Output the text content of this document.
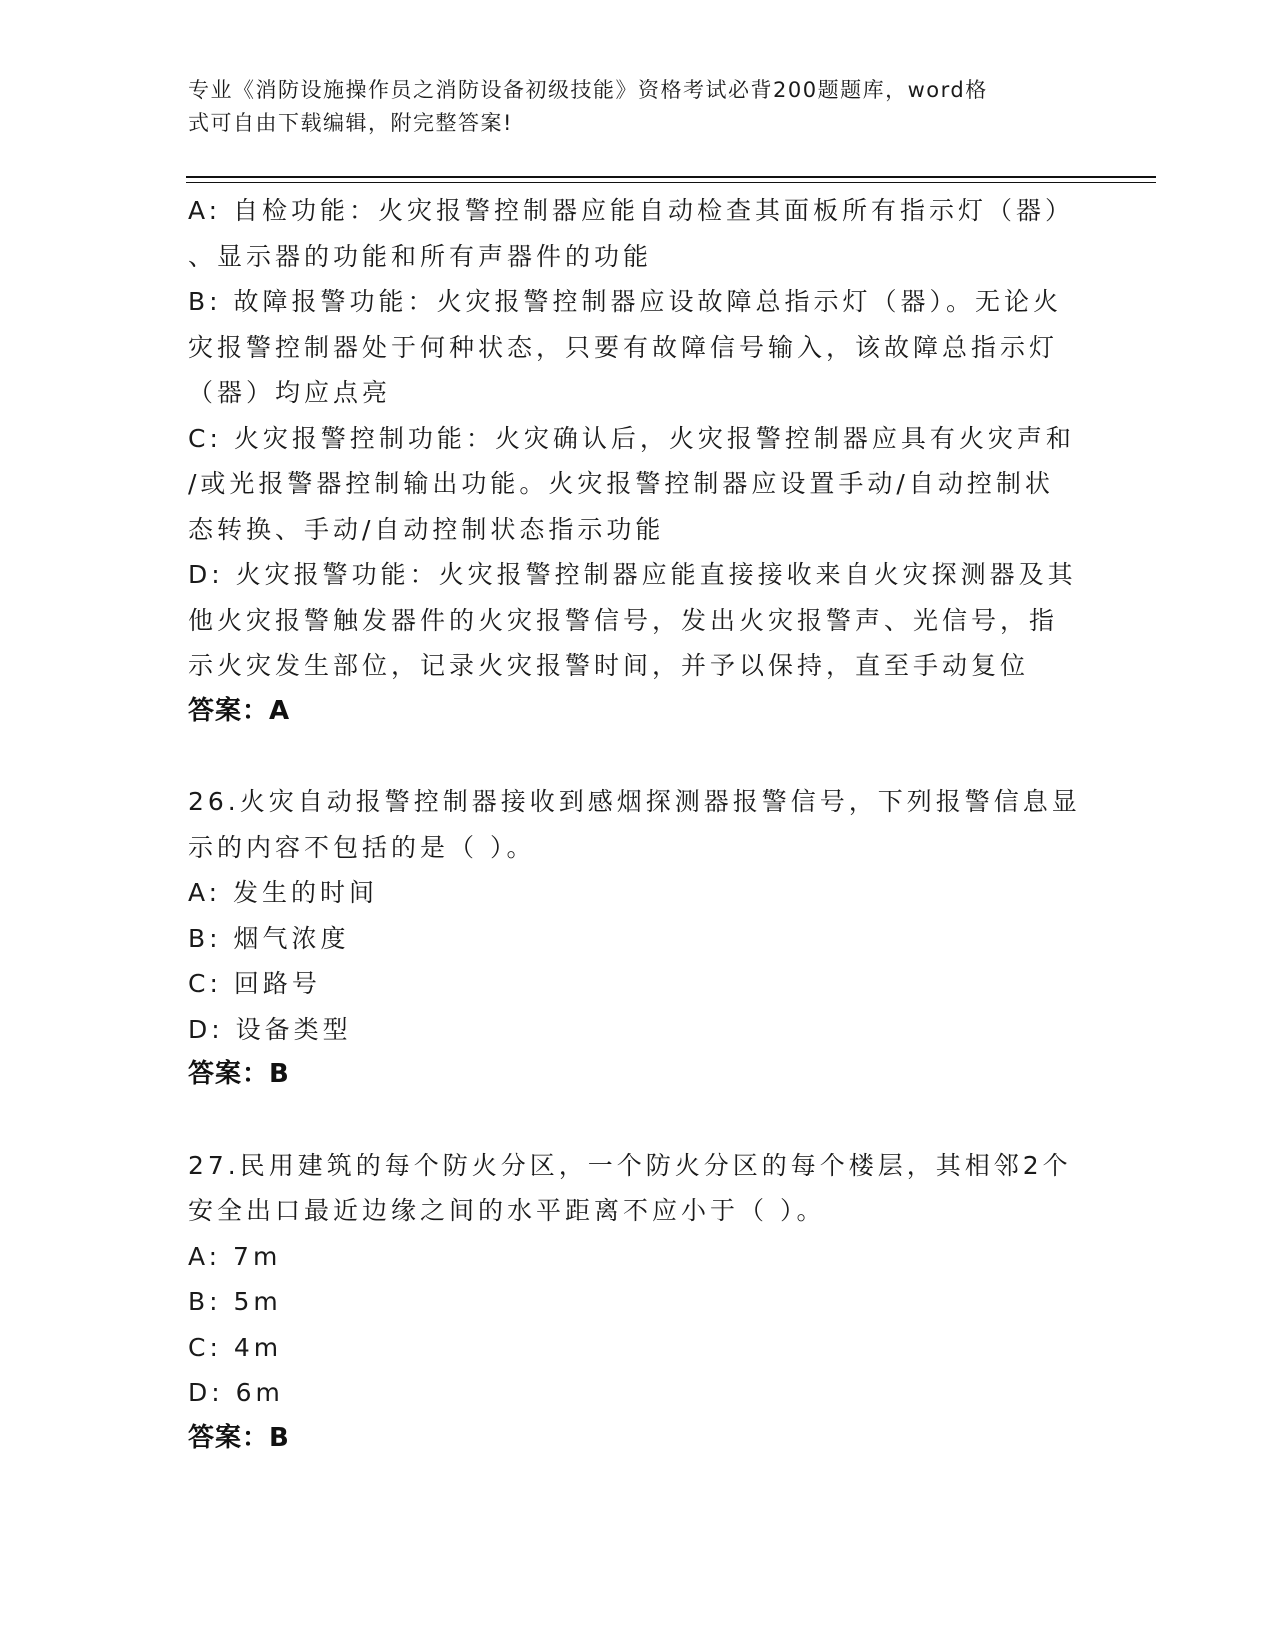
专业《消防设施操作员之消防设备初级技能》资格考试必背200题题库，word格
式可自由下载编辑，附完整答案!
A: 自检功能：火灾报警控制器应能自动检查其面板所有指示灯（器）
、显示器的功能和所有声器件的功能
B: 故障报警功能：火灾报警控制器应设故障总指示灯（器）。无论火
灾报警控制器处于何种状态，只要有故障信号输入，该故障总指示灯
（器）均应点亮
C: 火灾报警控制功能：火灾确认后，火灾报警控制器应具有火灾声和
/或光报警器控制输出功能。火灾报警控制器应设置手动/自动控制状
态转换、手动/自动控制状态指示功能
D: 火灾报警功能：火灾报警控制器应能直接接收来自火灾探测器及其
他火灾报警触发器件的火灾报警信号，发出火灾报警声、光信号，指
示火灾发生部位，记录火灾报警时间，并予以保持，直至手动复位
答案：A
26.火灾自动报警控制器接收到感烟探测器报警信号，下列报警信息显
示的内容不包括的是（ ）。
A: 发生的时间
B: 烟气浓度
C: 回路号
D: 设备类型
答案：B
27.民用建筑的每个防火分区，一个防火分区的每个楼层，其相邻2个
安全出口最近边缘之间的水平距离不应小于（ ）。
A: 7m
B: 5m
C: 4m
D: 6m
答案：B
